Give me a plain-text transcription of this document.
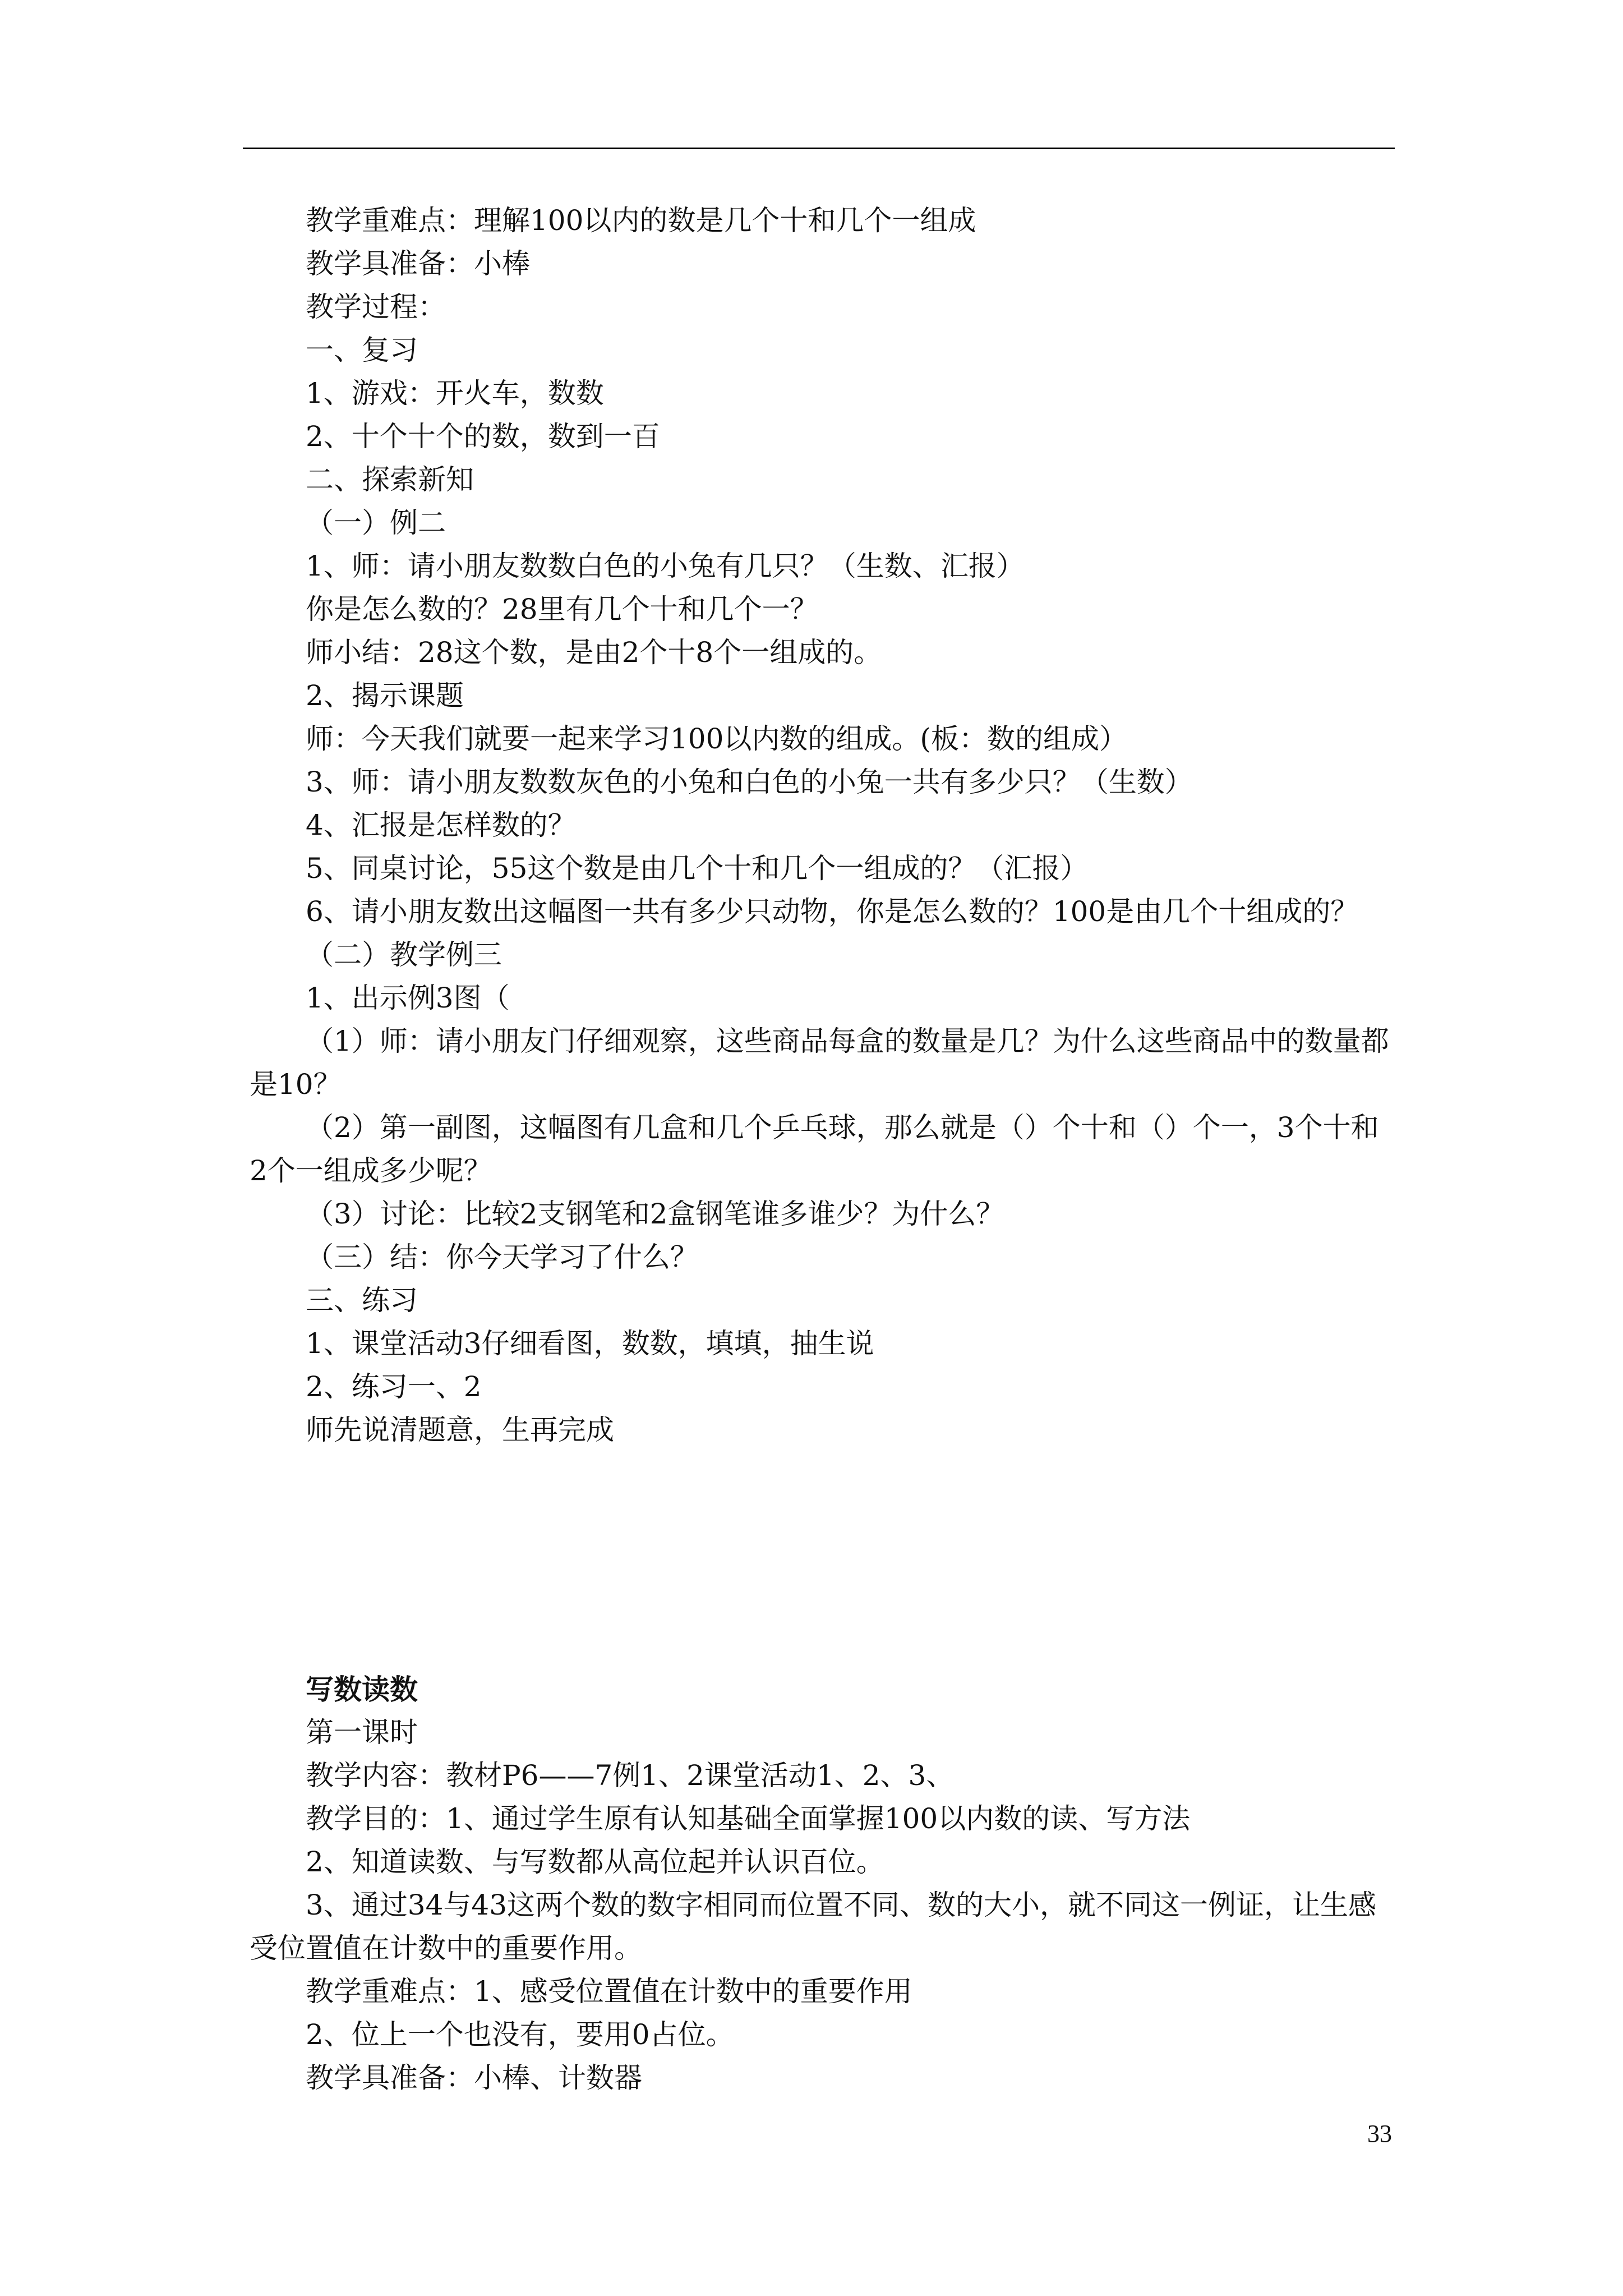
教学重难点：理解100以内的数是几个十和几个一组成

教学具准备：小棒

教学过程：

一、复习

1、游戏：开火车，数数

2、十个十个的数，数到一百

二、探索新知

（一）例二

1、师：请小朋友数数白色的小兔有几只？（生数、汇报）

你是怎么数的？28里有几个十和几个一？

师小结：28这个数，是由2个十8个一组成的。

2、揭示课题

师：今天我们就要一起来学习100以内数的组成。(板：数的组成）

3、师：请小朋友数数灰色的小兔和白色的小兔一共有多少只？（生数）

4、汇报是怎样数的？

5、同桌讨论，55这个数是由几个十和几个一组成的？（汇报）

6、请小朋友数出这幅图一共有多少只动物，你是怎么数的？100是由几个十组成的？

（二）教学例三

1、出示例3图（

（1）师：请小朋友门仔细观察，这些商品每盒的数量是几？为什么这些商品中的数量都是10？

（2）第一副图，这幅图有几盒和几个乒乓球，那么就是（）个十和（）个一，3个十和2个一组成多少呢？

（3）讨论：比较2支钢笔和2盒钢笔谁多谁少？为什么？

（三）结：你今天学习了什么？

三、练习

1、课堂活动3仔细看图，数数，填填，抽生说

2、练习一、2

师先说清题意，生再完成

写数读数

第一课时

教学内容：教材P6——7例1、2课堂活动1、2、3、

教学目的：1、通过学生原有认知基础全面掌握100以内数的读、写方法

2、知道读数、与写数都从高位起并认识百位。

3、通过34与43这两个数的数字相同而位置不同、数的大小，就不同这一例证，让生感受位置值在计数中的重要作用。

教学重难点：1、感受位置值在计数中的重要作用

2、位上一个也没有，要用0占位。

教学具准备：小棒、计数器

33
